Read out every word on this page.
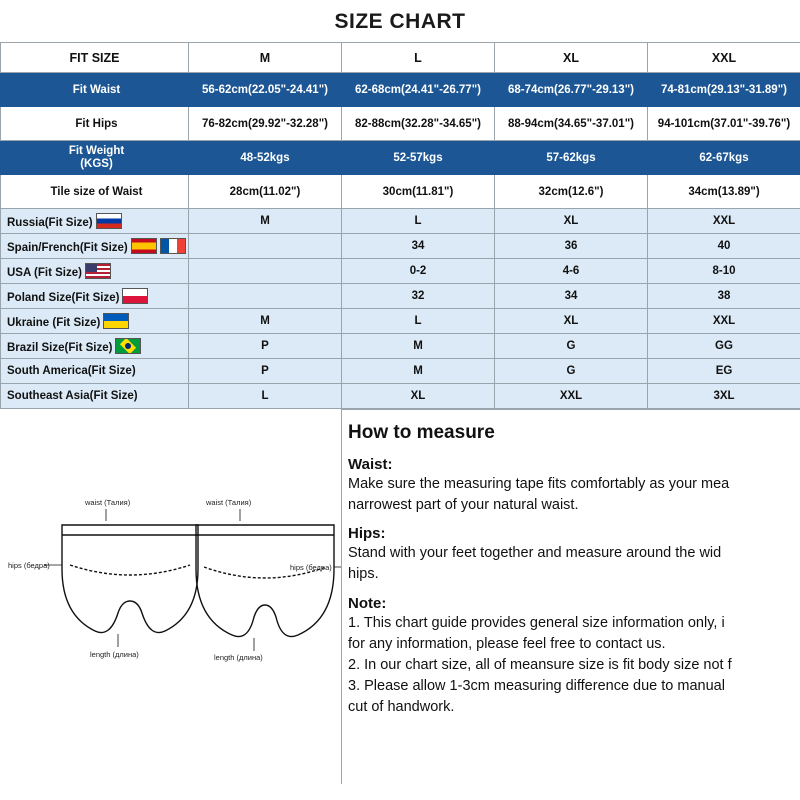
SIZE CHART
FIT SIZE	M	L	XL	XXL
Fit Waist	56-62cm(22.05"-24.41")	62-68cm(24.41"-26.77")	68-74cm(26.77"-29.13")	74-81cm(29.13"-31.89")
Fit Hips	76-82cm(29.92"-32.28")	82-88cm(32.28"-34.65")	88-94cm(34.65"-37.01")	94-101cm(37.01"-39.76")
Fit Weight
(KGS)	48-52kgs	52-57kgs	57-62kgs	62-67kgs
Tile size of Waist	28cm(11.02")	30cm(11.81")	32cm(12.6")	34cm(13.89")
Russia(Fit Size)	M	L	XL	XXL
Spain/French(Fit Size)		34	36	40
USA (Fit Size)		0-2	4-6	8-10
Poland Size(Fit Size)		32	34	38
Ukraine (Fit Size)	M	L	XL	XXL
Brazil Size(Fit Size)	P	M	G	GG
South America(Fit Size)	P	M	G	EG
Southeast Asia(Fit Size)	L	XL	XXL	3XL
waist (Талия)
hips (бедра)
length (длина)
waist (Талия)
hips (бедра)
length (длина)
How to measure
Waist:

Make sure the measuring tape fits comfortably as your mea

narrowest part of your natural waist.

Hips:

Stand with your feet together and measure around the wid

hips.

Note:

1. This chart guide provides general size information only, i

for any information, please feel free to contact us.

2. In our chart size, all of meansure size is fit body size not f

3. Please allow 1-3cm measuring difference due to manual

cut of handwork.
